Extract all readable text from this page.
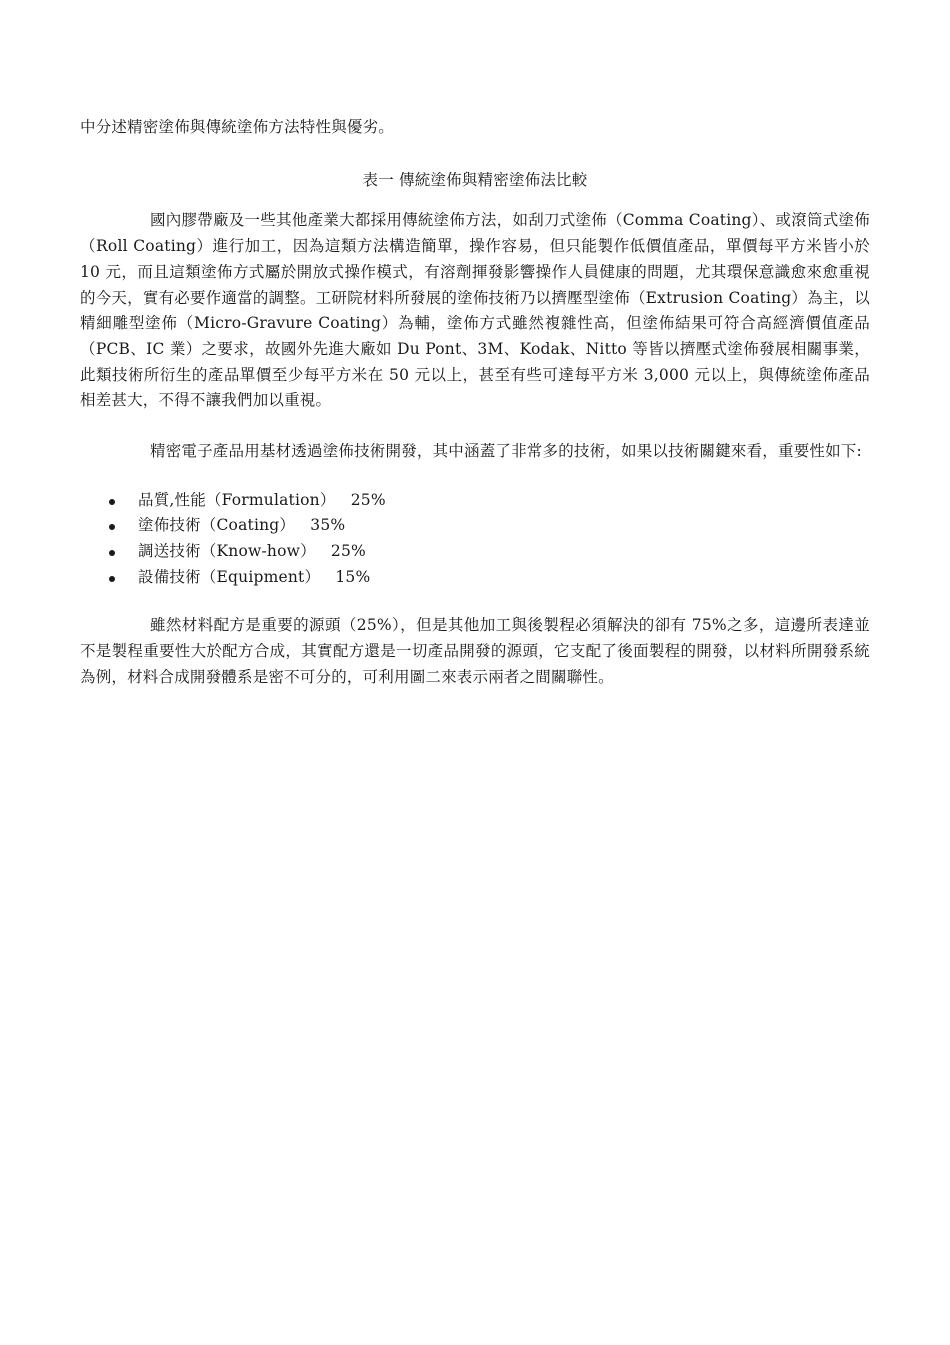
中分述精密塗佈與傳統塗佈方法特性與優劣。

表一 傳統塗佈與精密塗佈法比較

國內膠帶廠及一些其他產業大都採用傳統塗佈方法，如刮刀式塗佈（Comma Coating）、或滾筒式塗佈（Roll Coating）進行加工，因為這類方法構造簡單，操作容易，但只能製作低價值產品，單價每平方米皆小於 10 元，而且這類塗佈方式屬於開放式操作模式，有溶劑揮發影響操作人員健康的問題，尤其環保意識愈來愈重視的今天，實有必要作適當的調整。工研院材料所發展的塗佈技術乃以擠壓型塗佈（Extrusion Coating）為主，以精細雕型塗佈（Micro-Gravure Coating）為輔，塗佈方式雖然複雜性高，但塗佈結果可符合高經濟價值產品（PCB、IC 業）之要求，故國外先進大廠如 Du Pont、3M、Kodak、Nitto 等皆以擠壓式塗佈發展相關事業，此類技術所衍生的產品單價至少每平方米在 50 元以上，甚至有些可達每平方米 3,000 元以上，與傳統塗佈產品相差甚大，不得不讓我們加以重視。

精密電子產品用基材透過塗佈技術開發，其中涵蓋了非常多的技術，如果以技術關鍵來看，重要性如下:

品質,性能（Formulation） 25%
塗佈技術（Coating） 35%
調送技術（Know-how） 25%
設備技術（Equipment） 15%

雖然材料配方是重要的源頭（25%），但是其他加工與後製程必須解決的卻有 75%之多，這邊所表達並不是製程重要性大於配方合成，其實配方還是一切產品開發的源頭，它支配了後面製程的開發，以材料所開發系統為例，材料合成開發體系是密不可分的，可利用圖二來表示兩者之間關聯性。
